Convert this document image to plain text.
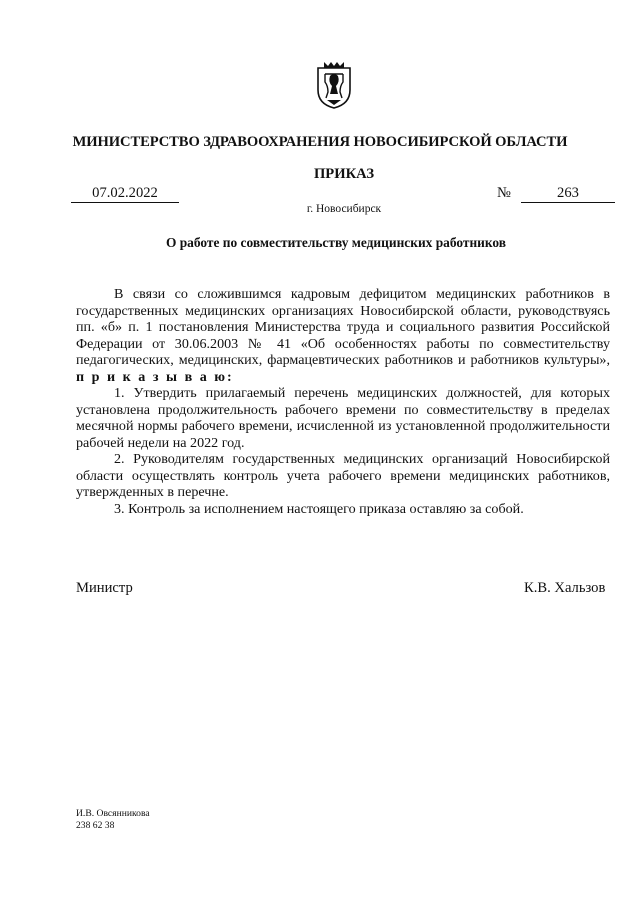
МИНИСТЕРСТВО ЗДРАВООХРАНЕНИЯ НОВОСИБИРСКОЙ ОБЛАСТИ
ПРИКАЗ
07.02.2022	№	263
г. Новосибирск
О работе по совместительству медицинских работников

В связи со сложившимся кадровым дефицитом медицинских работников в государственных медицинских организациях Новосибирской области, руководствуясь пп. «б» п. 1 постановления Министерства труда и социального развития Российской Федерации от 30.06.2003 № 41 «Об особенностях работы по совместительству педагогических, медицинских, фармацевтических работников и работников культуры», п р и к а з ы в а ю:

1. Утвердить прилагаемый перечень медицинских должностей, для которых установлена продолжительность рабочего времени по совместительству в пределах месячной нормы рабочего времени, исчисленной из установленной продолжительности рабочей недели на 2022 год.

2. Руководителям государственных медицинских организаций Новосибирской области осуществлять контроль учета рабочего времени медицинских работников, утвержденных в перечне.

3. Контроль за исполнением настоящего приказа оставляю за собой.

Министр	К.В. Хальзов
И.В. Овсянникова
238 62 38
